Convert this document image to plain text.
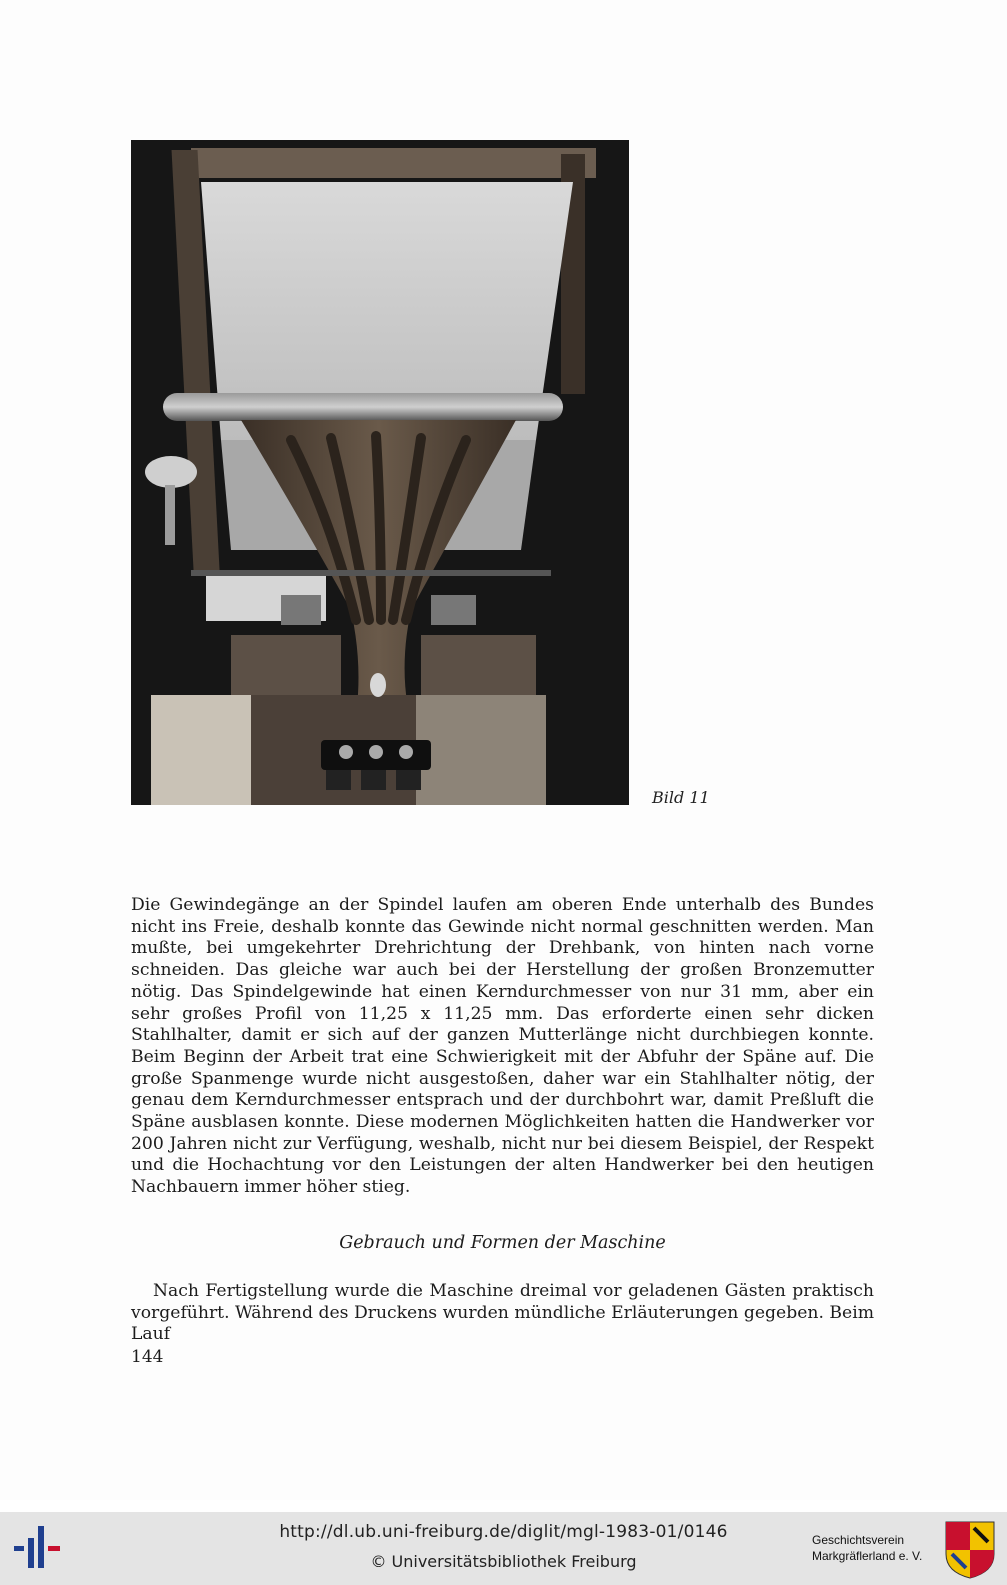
Bild 11

Die Gewindegänge an der Spindel laufen am oberen Ende unterhalb des Bundes nicht ins Freie, deshalb konnte das Gewinde nicht normal geschnitten werden. Man mußte, bei umgekehrter Drehrichtung der Drehbank, von hinten nach vorne schneiden. Das gleiche war auch bei der Herstellung der großen Bronzemutter nötig. Das Spindelgewinde hat einen Kerndurchmesser von nur 31 mm, aber ein sehr großes Profil von 11,25 x 11,25 mm. Das erforderte einen sehr dicken Stahlhalter, damit er sich auf der ganzen Mutterlänge nicht durchbiegen konnte. Beim Beginn der Arbeit trat eine Schwierigkeit mit der Abfuhr der Späne auf. Die große Spanmenge wurde nicht ausgestoßen, daher war ein Stahlhalter nötig, der genau dem Kerndurchmesser entsprach und der durchbohrt war, damit Preßluft die Späne ausblasen konnte. Diese modernen Möglichkeiten hatten die Handwerker vor 200 Jahren nicht zur Verfügung, weshalb, nicht nur bei diesem Beispiel, der Respekt und die Hochachtung vor den Leistungen der alten Handwerker bei den heutigen Nachbauern immer höher stieg.

Gebrauch und Formen der Maschine

Nach Fertigstellung wurde die Maschine dreimal vor geladenen Gästen praktisch vorgeführt. Während des Druckens wurden mündliche Erläuterungen gegeben. Beim Lauf

144
http://dl.ub.uni-freiburg.de/diglit/mgl-1983-01/0146
© Universitätsbibliothek Freiburg
Geschichtsverein
Markgräflerland e. V.
